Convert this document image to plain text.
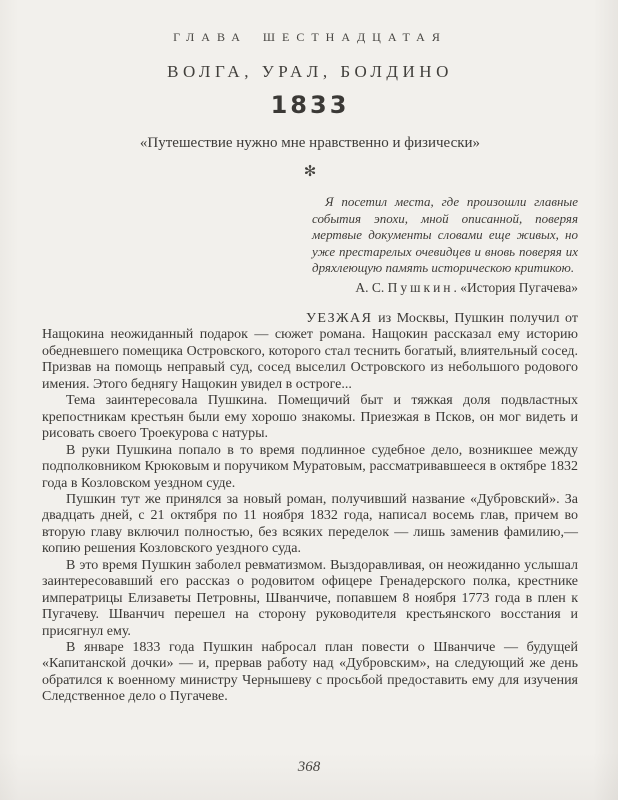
ГЛАВА ШЕСТНАДЦАТАЯ
ВОЛГА, УРАЛ, БОЛДИНО
1833
«Путешествие нужно мне нравственно и физически»
✻

Я посетил места, где произошли главные события эпохи, мной описанной, поверяя мертвые документы словами еще живых, но уже престарелых очевидцев и вновь поверяя их дряхлеющую память историческою критикою.

А. С. Пушкин. «История Пугачева»

УЕЗЖАЯ из Москвы, Пушкин получил от Нащокина неожиданный подарок — сюжет романа. Нащокин рассказал ему историю обедневшего помещика Островского, которого стал теснить богатый, влиятельный сосед. Призвав на помощь неправый суд, сосед выселил Островского из небольшого родового имения. Этого беднягу Нащокин увидел в остроге...

Тема заинтересовала Пушкина. Помещичий быт и тяжкая доля подвластных крепостникам крестьян были ему хорошо знакомы. Приезжая в Псков, он мог видеть и рисовать своего Троекурова с натуры.

В руки Пушкина попало в то время подлинное судебное дело, возникшее между подполковником Крюковым и поручиком Муратовым, рассматривавшееся в октябре 1832 года в Козловском уездном суде.

Пушкин тут же принялся за новый роман, получивший название «Дубровский». За двадцать дней, с 21 октября по 11 ноября 1832 года, написал восемь глав, причем во вторую главу включил полностью, без всяких переделок — лишь заменив фамилию,— копию решения Козловского уездного суда.

В это время Пушкин заболел ревматизмом. Выздоравливая, он неожиданно услышал заинтересовавший его рассказ о родовитом офицере Гренадерского полка, крестнике императрицы Елизаветы Петровны, Шванчиче, попавшем 8 ноября 1773 года в плен к Пугачеву. Шванчич перешел на сторону руководителя крестьянского восстания и присягнул ему.

В январе 1833 года Пушкин набросал план повести о Шванчиче — будущей «Капитанской дочки» — и, прервав работу над «Дубровским», на следующий же день обратился к военному министру Чернышеву с просьбой предоставить ему для изучения Следственное дело о Пугачеве.

368
